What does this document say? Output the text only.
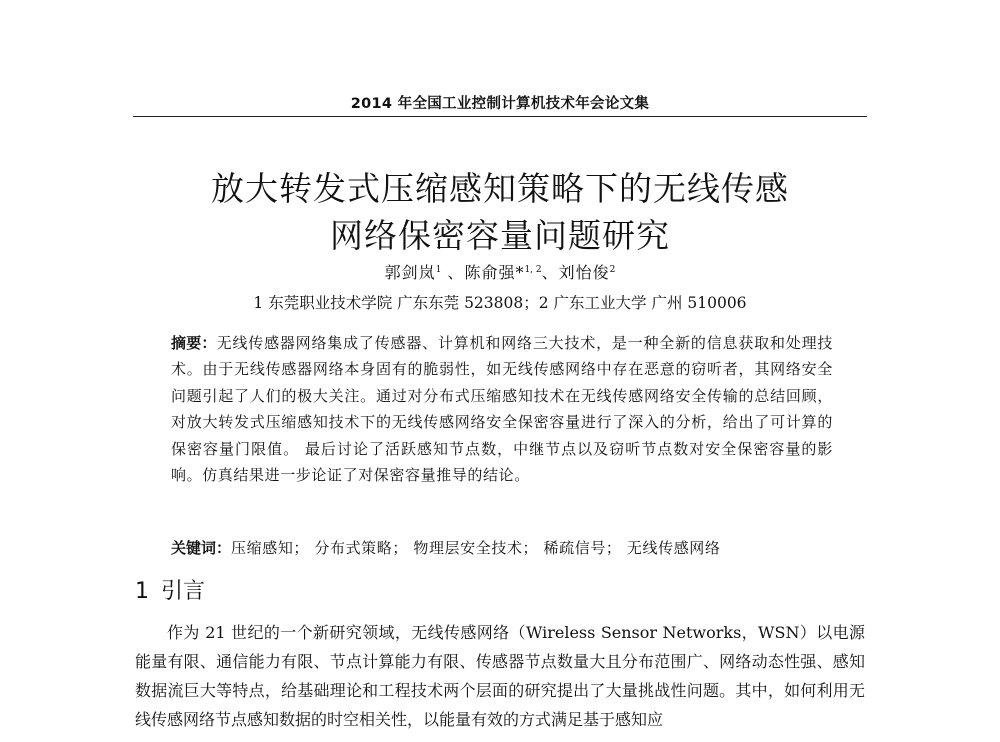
2014 年全国工业控制计算机技术年会论文集
放大转发式压缩感知策略下的无线传感
网络保密容量问题研究
郭剑岚$^1$ 、陈俞强*$^{1, 2}$、刘怡俊$^2$
1 东莞职业技术学院 广东东莞 523808；2 广东工业大学 广州 510006
摘要：无线传感器网络集成了传感器、计算机和网络三大技术，是一种全新的信息获取和处理技术。由于无线传感器网络本身固有的脆弱性，如无线传感网络中存在恶意的窃听者，其网络安全问题引起了人们的极大关注。通过对分布式压缩感知技术在无线传感网络安全传输的总结回顾，对放大转发式压缩感知技术下的无线传感网络安全保密容量进行了深入的分析，给出了可计算的保密容量门限值。 最后讨论了活跃感知节点数，中继节点以及窃听节点数对安全保密容量的影响。仿真结果进一步论证了对保密容量推导的结论。
关键词：压缩感知； 分布式策略； 物理层安全技术； 稀疏信号； 无线传感网络
1 引言
作为 21 世纪的一个新研究领域，无线传感网络（Wireless Sensor Networks，WSN）以电源能量有限、通信能力有限、节点计算能力有限、传感器节点数量大且分布范围广、网络动态性强、感知数据流巨大等特点，给基础理论和工程技术两个层面的研究提出了大量挑战性问题。其中，如何利用无线传感网络节点感知数据的时空相关性，以能量有效的方式满足基于感知应
